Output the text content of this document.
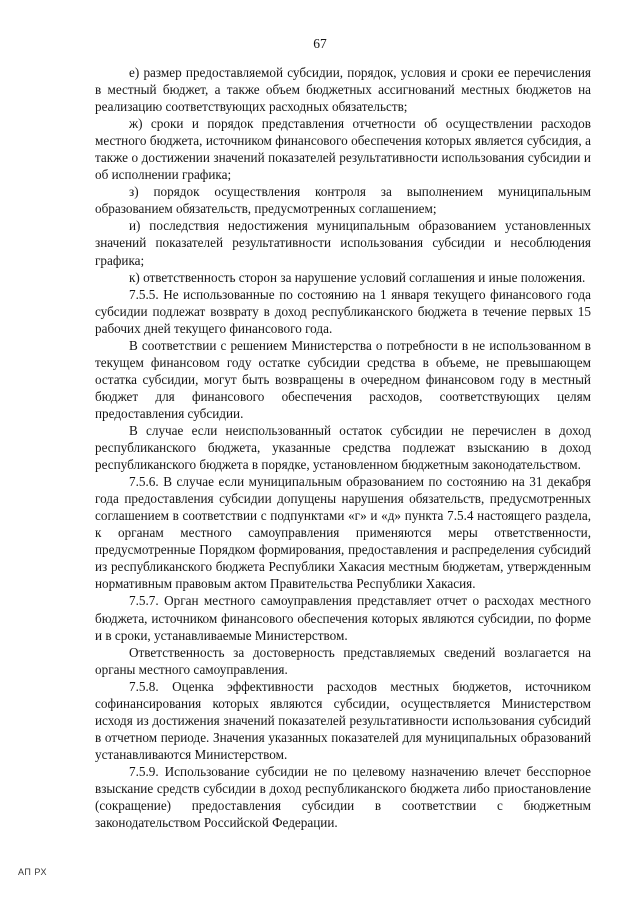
67

е) размер предоставляемой субсидии, порядок, условия и сроки ее перечисления в местный бюджет, а также объем бюджетных ассигнований местных бюджетов на реализацию соответствующих расходных обязательств;

ж) сроки и порядок представления отчетности об осуществлении расходов местного бюджета, источником финансового обеспечения которых является субсидия, а также о достижении значений показателей результативности использования субсидии и об исполнении графика;

з) порядок осуществления контроля за выполнением муниципальным образованием обязательств, предусмотренных соглашением;

и) последствия недостижения муниципальным образованием установленных значений показателей результативности использования субсидии и несоблюдения графика;

к) ответственность сторон за нарушение условий соглашения и иные положения.

7.5.5. Не использованные по состоянию на 1 января текущего финансового года субсидии подлежат возврату в доход республиканского бюджета в течение первых 15 рабочих дней текущего финансового года.

В соответствии с решением Министерства о потребности в не использованном в текущем финансовом году остатке субсидии средства в объеме, не превышающем остатка субсидии, могут быть возвращены в очередном финансовом году в местный бюджет для финансового обеспечения расходов, соответствующих целям предоставления субсидии.

В случае если неиспользованный остаток субсидии не перечислен в доход республиканского бюджета, указанные средства подлежат взысканию в доход республиканского бюджета в порядке, установленном бюджетным законодательством.

7.5.6. В случае если муниципальным образованием по состоянию на 31 декабря года предоставления субсидии допущены нарушения обязательств, предусмотренных соглашением в соответствии с подпунктами «г» и «д» пункта 7.5.4 настоящего раздела, к органам местного самоуправления применяются меры ответственности, предусмотренные Порядком формирования, предоставления и распределения субсидий из республиканского бюджета Республики Хакасия местным бюджетам, утвержденным нормативным правовым актом Правительства Республики Хакасия.

7.5.7. Орган местного самоуправления представляет отчет о расходах местного бюджета, источником финансового обеспечения которых являются субсидии, по форме и в сроки, устанавливаемые Министерством.

Ответственность за достоверность представляемых сведений возлагается на органы местного самоуправления.

7.5.8. Оценка эффективности расходов местных бюджетов, источником софинансирования которых являются субсидии, осуществляется Министерством исходя из достижения значений показателей результативности использования субсидий в отчетном периоде. Значения указанных показателей для муниципальных образований устанавливаются Министерством.

7.5.9. Использование субсидии не по целевому назначению влечет бесспорное взыскание средств субсидии в доход республиканского бюджета либо приостановление (сокращение) предоставления субсидии в соответствии с бюджетным законодательством Российской Федерации.

АП РХ
